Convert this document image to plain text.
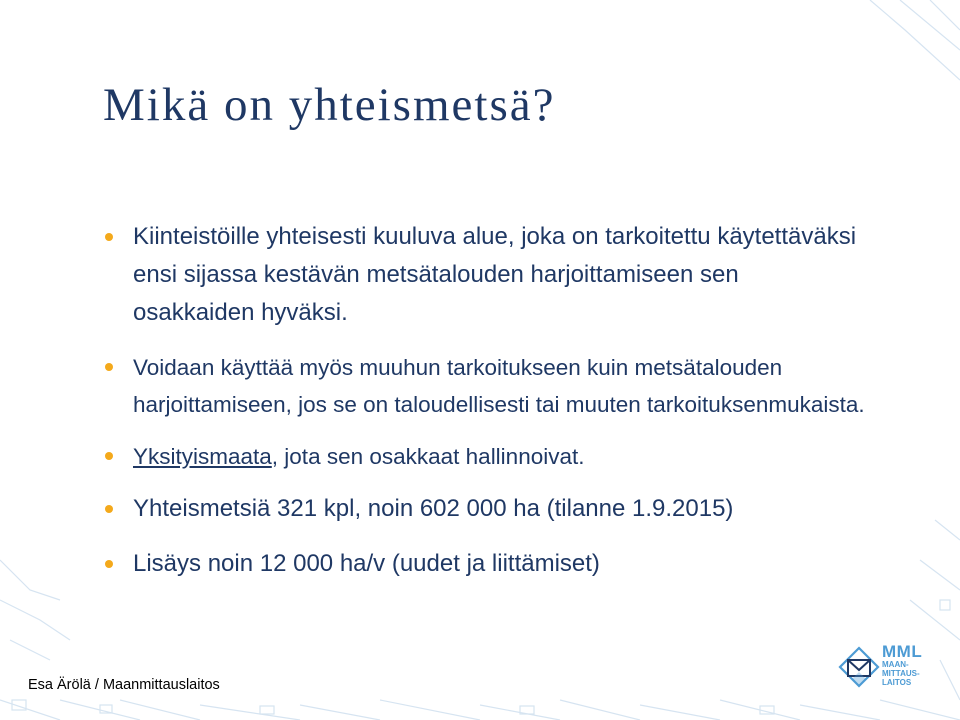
Mikä on yhteismetsä?
Kiinteistöille yhteisesti kuuluva alue, joka on tarkoitettu käytettäväksi ensi sijassa kestävän metsätalouden harjoittamiseen sen osakkaiden hyväksi.
Voidaan käyttää myös muuhun tarkoitukseen kuin metsätalouden harjoittamiseen, jos se on taloudellisesti tai muuten tarkoituksenmukaista.
Yksityismaata, jota sen osakkaat hallinnoivat.
Yhteismetsiä 321 kpl, noin 602 000 ha (tilanne 1.9.2015)
Lisäys noin 12 000 ha/v (uudet ja liittämiset)
Esa Ärölä / Maanmittauslaitos
MML
MAAN-
MITTAUS-
LAITOS
